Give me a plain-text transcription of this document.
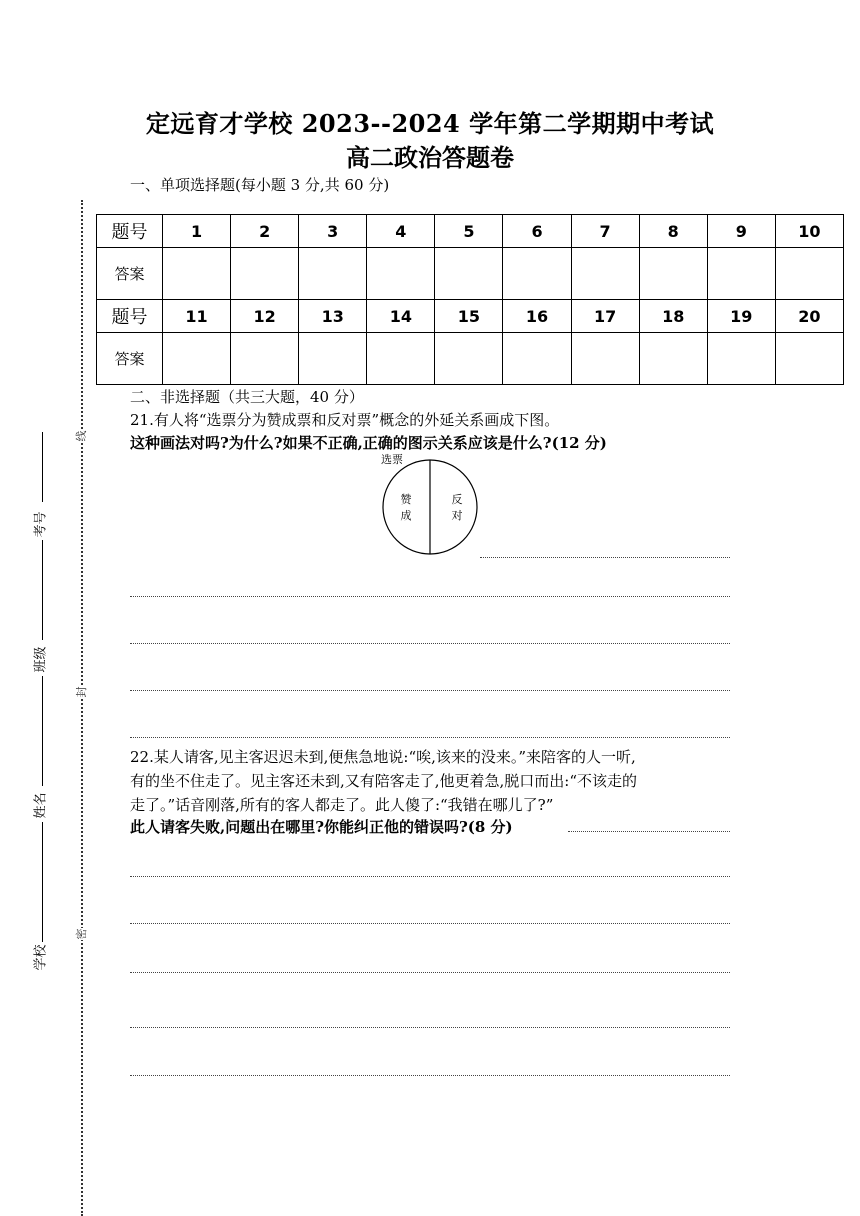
定远育才学校 2023--2024 学年第二学期期中考试
高二政治答题卷
一、单项选择题(每小题 3 分,共 60 分)
线
封
密
考号
班级
姓名
学校
题号	1	2	3	4	5	6	7	8	9	10
答案										
题号	11	12	13	14	15	16	17	18	19	20
答案										
二、非选择题（共三大题，40 分）
21.有人将“选票分为赞成票和反对票”概念的外延关系画成下图。
这种画法对吗?为什么?如果不正确,正确的图示关系应该是什么?(12 分)
选票
赞成
反对
22.某人请客,见主客迟迟未到,便焦急地说:“唉,该来的没来。”来陪客的人一听,
有的坐不住走了。见主客还未到,又有陪客走了,他更着急,脱口而出:“不该走的
走了。”话音刚落,所有的客人都走了。此人傻了:“我错在哪儿了?”
此人请客失败,问题出在哪里?你能纠正他的错误吗?(8 分)
